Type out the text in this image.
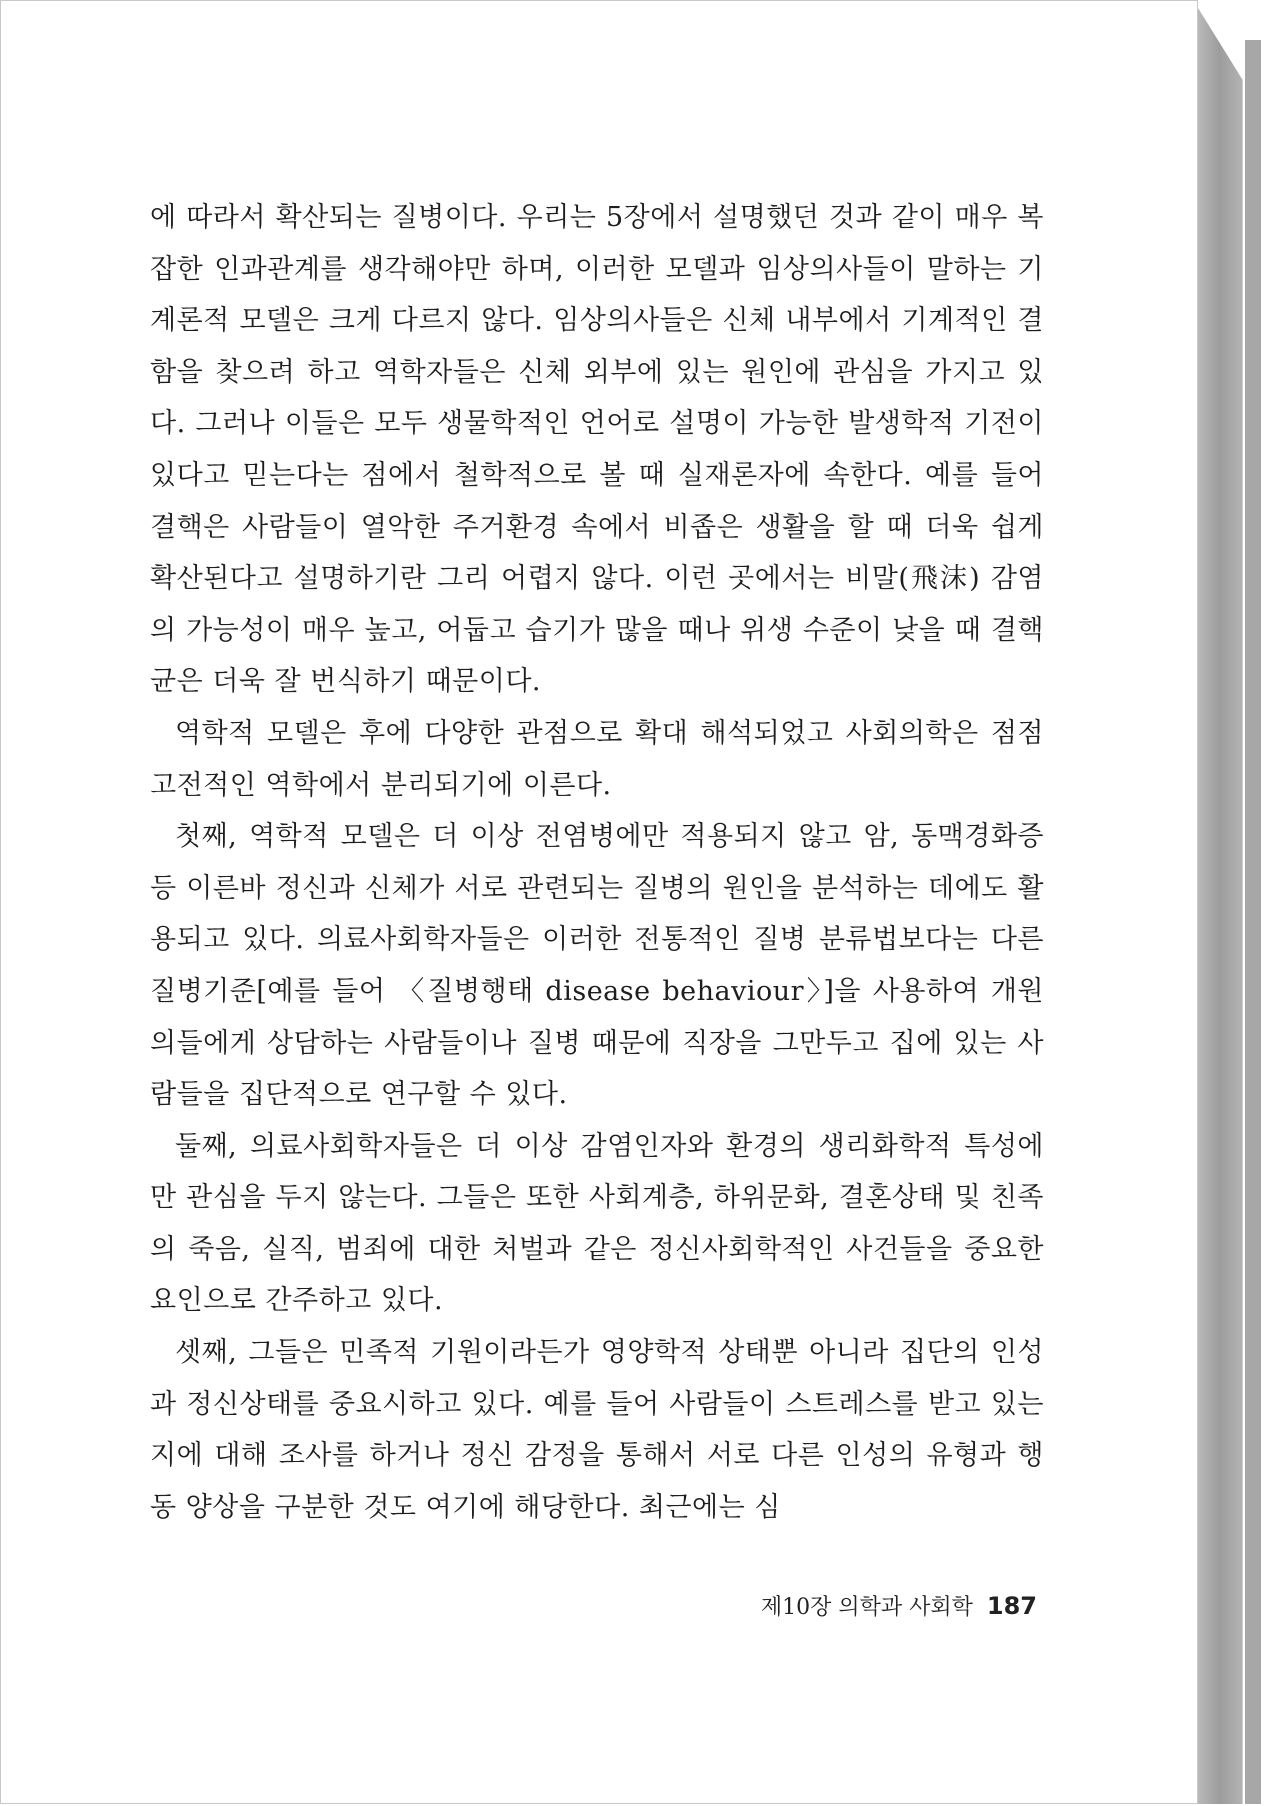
에 따라서 확산되는 질병이다. 우리는 5장에서 설명했던 것과 같이 매우 복잡한 인과관계를 생각해야만 하며, 이러한 모델과 임상의사들이 말하는 기계론적 모델은 크게 다르지 않다. 임상의사들은 신체 내부에서 기계적인 결함을 찾으려 하고 역학자들은 신체 외부에 있는 원인에 관심을 가지고 있다. 그러나 이들은 모두 생물학적인 언어로 설명이 가능한 발생학적 기전이 있다고 믿는다는 점에서 철학적으로 볼 때 실재론자에 속한다. 예를 들어 결핵은 사람들이 열악한 주거환경 속에서 비좁은 생활을 할 때 더욱 쉽게 확산된다고 설명하기란 그리 어렵지 않다. 이런 곳에서는 비말(飛沫) 감염의 가능성이 매우 높고, 어둡고 습기가 많을 때나 위생 수준이 낮을 때 결핵균은 더욱 잘 번식하기 때문이다.

역학적 모델은 후에 다양한 관점으로 확대 해석되었고 사회의학은 점점 고전적인 역학에서 분리되기에 이른다.

첫째, 역학적 모델은 더 이상 전염병에만 적용되지 않고 암, 동맥경화증 등 이른바 정신과 신체가 서로 관련되는 질병의 원인을 분석하는 데에도 활용되고 있다. 의료사회학자들은 이러한 전통적인 질병 분류법보다는 다른 질병기준[예를 들어 〈질병행태 disease behaviour〉]을 사용하여 개원의들에게 상담하는 사람들이나 질병 때문에 직장을 그만두고 집에 있는 사람들을 집단적으로 연구할 수 있다.

둘째, 의료사회학자들은 더 이상 감염인자와 환경의 생리화학적 특성에만 관심을 두지 않는다. 그들은 또한 사회계층, 하위문화, 결혼상태 및 친족의 죽음, 실직, 범죄에 대한 처벌과 같은 정신사회학적인 사건들을 중요한 요인으로 간주하고 있다.

셋째, 그들은 민족적 기원이라든가 영양학적 상태뿐 아니라 집단의 인성과 정신상태를 중요시하고 있다. 예를 들어 사람들이 스트레스를 받고 있는지에 대해 조사를 하거나 정신 감정을 통해서 서로 다른 인성의 유형과 행동 양상을 구분한 것도 여기에 해당한다. 최근에는 심

제10장 의학과 사회학 187
